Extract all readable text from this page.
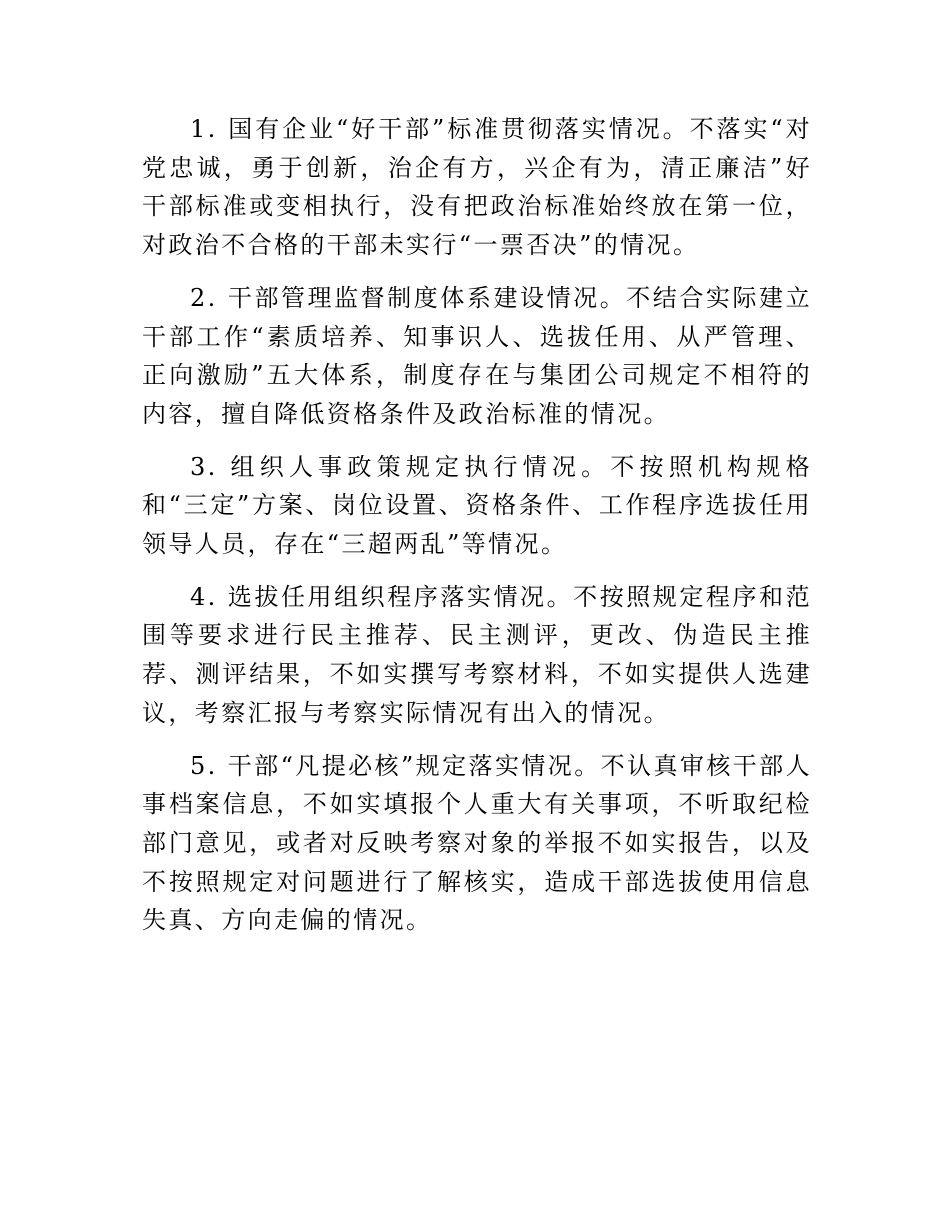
1. 国有企业“好干部”标准贯彻落实情况。不落实“对党忠诚，勇于创新，治企有方，兴企有为，清正廉洁”好干部标准或变相执行，没有把政治标准始终放在第一位，对政治不合格的干部未实行“一票否决”的情况。

2. 干部管理监督制度体系建设情况。不结合实际建立干部工作“素质培养、知事识人、选拔任用、从严管理、正向激励”五大体系，制度存在与集团公司规定不相符的内容，擅自降低资格条件及政治标准的情况。

3. 组织人事政策规定执行情况。不按照机构规格和“三定”方案、岗位设置、资格条件、工作程序选拔任用领导人员，存在“三超两乱”等情况。

4. 选拔任用组织程序落实情况。不按照规定程序和范围等要求进行民主推荐、民主测评，更改、伪造民主推荐、测评结果，不如实撰写考察材料，不如实提供人选建议，考察汇报与考察实际情况有出入的情况。

5. 干部“凡提必核”规定落实情况。不认真审核干部人事档案信息，不如实填报个人重大有关事项，不听取纪检部门意见，或者对反映考察对象的举报不如实报告，以及不按照规定对问题进行了解核实，造成干部选拔使用信息失真、方向走偏的情况。
